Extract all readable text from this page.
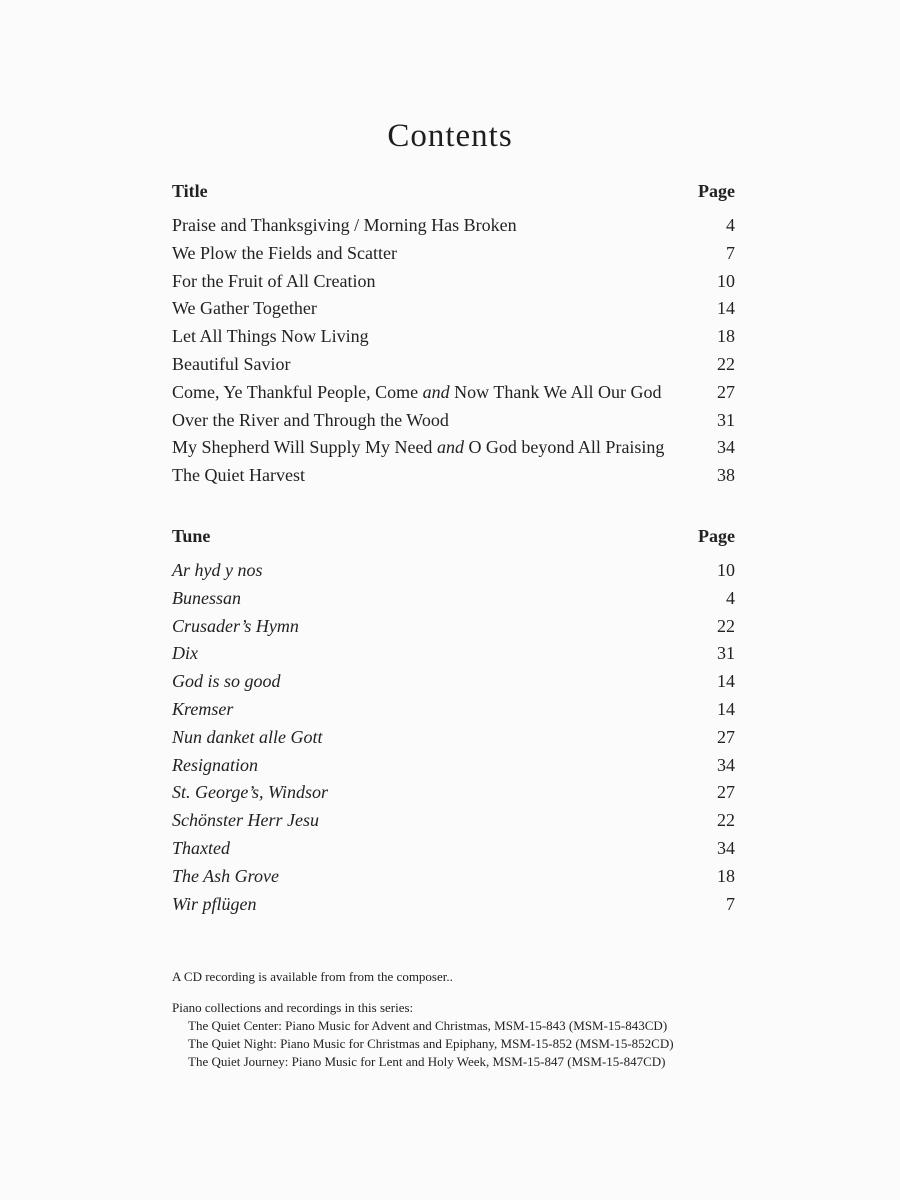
Contents
Title	Page
Praise and Thanksgiving / Morning Has Broken	4
We Plow the Fields and Scatter	7
For the Fruit of All Creation	10
We Gather Together	14
Let All Things Now Living	18
Beautiful Savior	22
Come, Ye Thankful People, Come and Now Thank We All Our God	27
Over the River and Through the Wood	31
My Shepherd Will Supply My Need and O God beyond All Praising	34
The Quiet Harvest	38
Tune	Page
Ar hyd y nos	10
Bunessan	4
Crusader’s Hymn	22
Dix	31
God is so good	14
Kremser	14
Nun danket alle Gott	27
Resignation	34
St. George’s, Windsor	27
Schönster Herr Jesu	22
Thaxted	34
The Ash Grove	18
Wir pflügen	7
A CD recording is available from from the composer..
Piano collections and recordings in this series:
The Quiet Center: Piano Music for Advent and Christmas, MSM-15-843 (MSM-15-843CD)
The Quiet Night: Piano Music for Christmas and Epiphany, MSM-15-852 (MSM-15-852CD)
The Quiet Journey: Piano Music for Lent and Holy Week, MSM-15-847 (MSM-15-847CD)
